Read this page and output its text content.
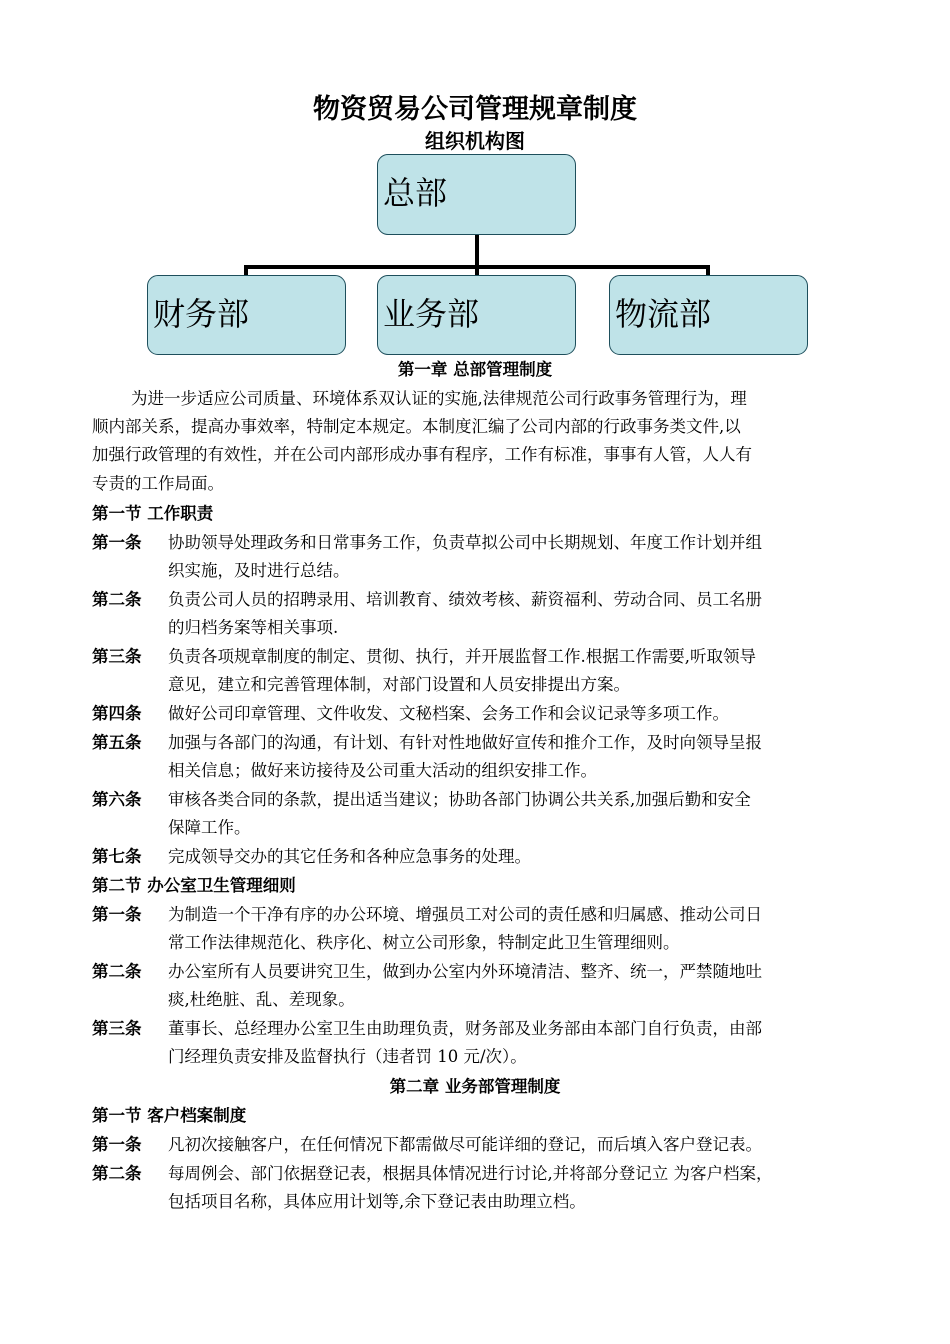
物资贸易公司管理规章制度
组织机构图
总部
财务部	业务部	物流部
第一章 总部管理制度
为进一步适应公司质量、环境体系双认证的实施,法律规范公司行政事务管理行为，理
顺内部关系，提高办事效率，特制定本规定。本制度汇编了公司内部的行政事务类文件,以
加强行政管理的有效性，并在公司内部形成办事有程序，工作有标准，事事有人管，人人有
专责的工作局面。
第一节 工作职责
第一条 协助领导处理政务和日常事务工作，负责草拟公司中长期规划、年度工作计划并组
织实施，及时进行总结。
第二条 负责公司人员的招聘录用、培训教育、绩效考核、薪资福利、劳动合同、员工名册
的归档务案等相关事项.
第三条 负责各项规章制度的制定、贯彻、执行，并开展监督工作.根据工作需要,听取领导
意见，建立和完善管理体制，对部门设置和人员安排提出方案。
第四条 做好公司印章管理、文件收发、文秘档案、会务工作和会议记录等多项工作。
第五条 加强与各部门的沟通，有计划、有针对性地做好宣传和推介工作，及时向领导呈报
相关信息；做好来访接待及公司重大活动的组织安排工作。
第六条 审核各类合同的条款，提出适当建议；协助各部门协调公共关系,加强后勤和安全
保障工作。
第七条 完成领导交办的其它任务和各种应急事务的处理。
第二节 办公室卫生管理细则
第一条 为制造一个干净有序的办公环境、增强员工对公司的责任感和归属感、推动公司日
常工作法律规范化、秩序化、树立公司形象，特制定此卫生管理细则。
第二条 办公室所有人员要讲究卫生，做到办公室内外环境清洁、整齐、统一，严禁随地吐
痰,杜绝脏、乱、差现象。
第三条 董事长、总经理办公室卫生由助理负责，财务部及业务部由本部门自行负责，由部
门经理负责安排及监督执行（违者罚 10 元/次）。
第二章 业务部管理制度
第一节 客户档案制度
第一条 凡初次接触客户，在任何情况下都需做尽可能详细的登记，而后填入客户登记表。
第二条 每周例会、部门依据登记表，根据具体情况进行讨论,并将部分登记立 为客户档案，
包括项目名称，具体应用计划等,余下登记表由助理立档。
